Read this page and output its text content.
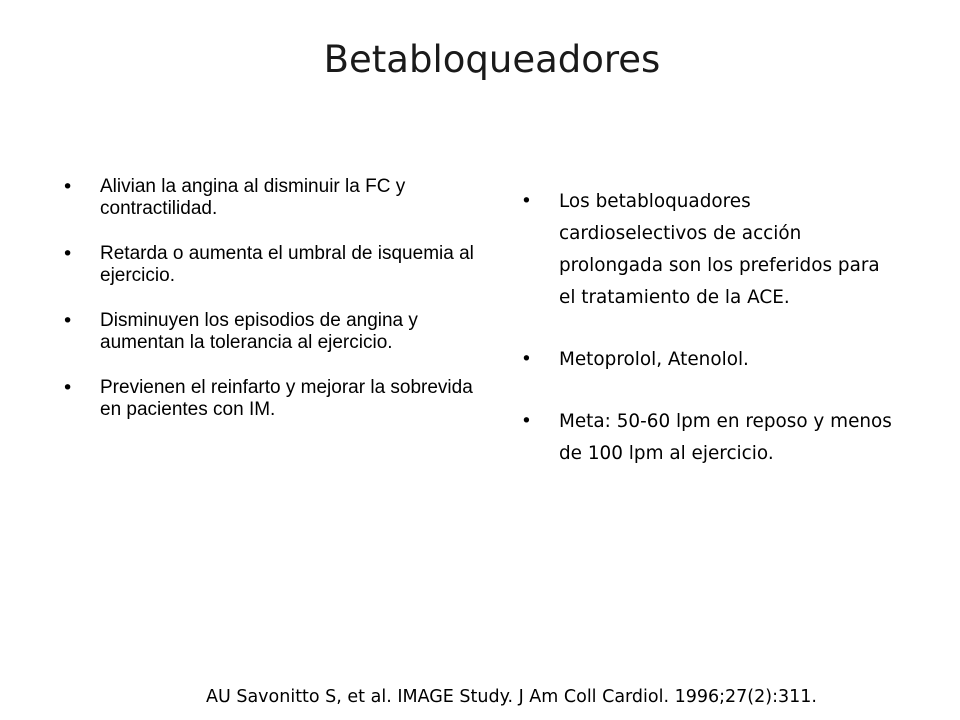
Betabloqueadores
• Alivian la angina al disminuir la FC y contractilidad.
• Retarda o aumenta el umbral de isquemia al ejercicio.
• Disminuyen los episodios de angina y aumentan la tolerancia al ejercicio.
• Previenen el reinfarto y mejorar la sobrevida en pacientes con IM.
• Los betabloquadores cardioselectivos de acción prolongada son los preferidos para el tratamiento de la ACE.
• Metoprolol, Atenolol.
• Meta: 50-60 lpm en reposo y menos de 100 lpm al ejercicio.
AU Savonitto S, et al. IMAGE Study. J Am Coll Cardiol. 1996;27(2):311.
